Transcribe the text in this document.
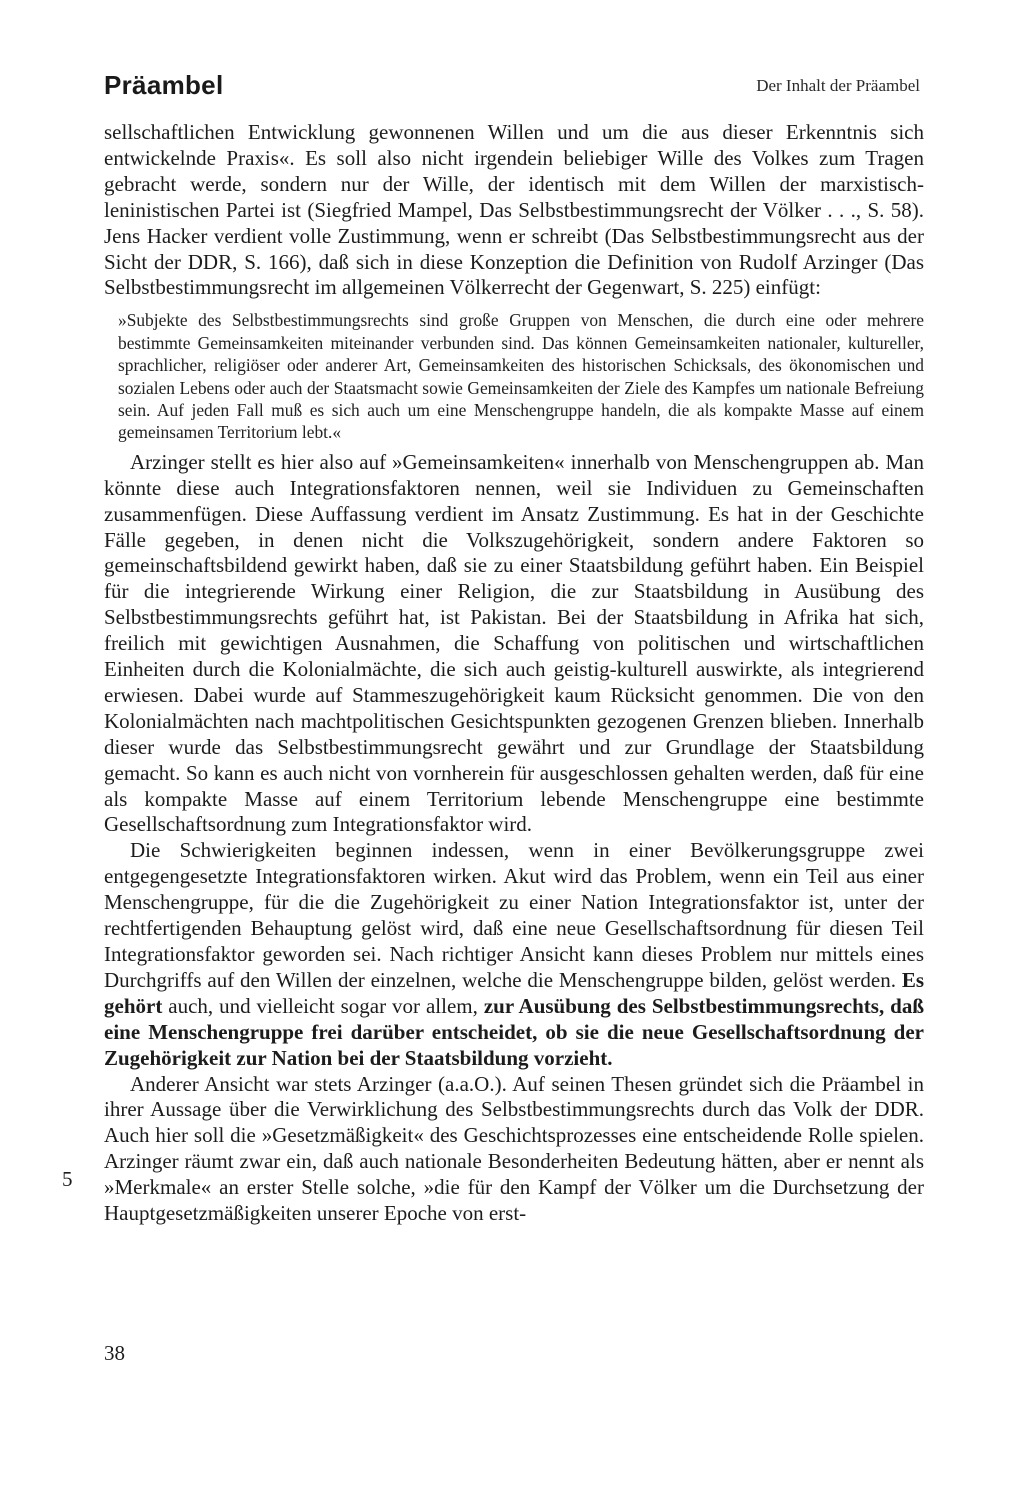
Präambel	Der Inhalt der Präambel

sellschaftlichen Entwicklung gewonnenen Willen und um die aus dieser Erkenntnis sich entwickelnde Praxis«. Es soll also nicht irgendein beliebiger Wille des Volkes zum Tragen gebracht werde, sondern nur der Wille, der identisch mit dem Willen der marxistisch-leninistischen Partei ist (Siegfried Mampel, Das Selbstbestimmungsrecht der Völker . . ., S. 58). Jens Hacker verdient volle Zustimmung, wenn er schreibt (Das Selbstbestimmungsrecht aus der Sicht der DDR, S. 166), daß sich in diese Konzeption die Definition von Rudolf Arzinger (Das Selbstbestimmungsrecht im allgemeinen Völkerrecht der Gegenwart, S. 225) einfügt:

»Subjekte des Selbstbestimmungsrechts sind große Gruppen von Menschen, die durch eine oder mehrere bestimmte Gemeinsamkeiten miteinander verbunden sind. Das können Gemeinsamkeiten nationaler, kultureller, sprachlicher, religiöser oder anderer Art, Gemeinsamkeiten des historischen Schicksals, des ökonomischen und sozialen Lebens oder auch der Staatsmacht sowie Gemeinsamkeiten der Ziele des Kampfes um nationale Befreiung sein. Auf jeden Fall muß es sich auch um eine Menschengruppe handeln, die als kompakte Masse auf einem gemeinsamen Territorium lebt.«

Arzinger stellt es hier also auf »Gemeinsamkeiten« innerhalb von Menschengruppen ab. Man könnte diese auch Integrationsfaktoren nennen, weil sie Individuen zu Gemeinschaften zusammenfügen. Diese Auffassung verdient im Ansatz Zustimmung. Es hat in der Geschichte Fälle gegeben, in denen nicht die Volkszugehörigkeit, sondern andere Faktoren so gemeinschaftsbildend gewirkt haben, daß sie zu einer Staatsbildung geführt haben. Ein Beispiel für die integrierende Wirkung einer Religion, die zur Staatsbildung in Ausübung des Selbstbestimmungsrechts geführt hat, ist Pakistan. Bei der Staatsbildung in Afrika hat sich, freilich mit gewichtigen Ausnahmen, die Schaffung von politischen und wirtschaftlichen Einheiten durch die Kolonialmächte, die sich auch geistig-kulturell auswirkte, als integrierend erwiesen. Dabei wurde auf Stammeszugehörigkeit kaum Rücksicht genommen. Die von den Kolonialmächten nach machtpolitischen Gesichtspunkten gezogenen Grenzen blieben. Innerhalb dieser wurde das Selbstbestimmungsrecht gewährt und zur Grundlage der Staatsbildung gemacht. So kann es auch nicht von vornherein für ausgeschlossen gehalten werden, daß für eine als kompakte Masse auf einem Territorium lebende Menschengruppe eine bestimmte Gesellschaftsordnung zum Integrationsfaktor wird.

Die Schwierigkeiten beginnen indessen, wenn in einer Bevölkerungsgruppe zwei entgegengesetzte Integrationsfaktoren wirken. Akut wird das Problem, wenn ein Teil aus einer Menschengruppe, für die die Zugehörigkeit zu einer Nation Integrationsfaktor ist, unter der rechtfertigenden Behauptung gelöst wird, daß eine neue Gesellschaftsordnung für diesen Teil Integrationsfaktor geworden sei. Nach richtiger Ansicht kann dieses Problem nur mittels eines Durchgriffs auf den Willen der einzelnen, welche die Menschengruppe bilden, gelöst werden. Es gehört auch, und vielleicht sogar vor allem, zur Ausübung des Selbstbestimmungsrechts, daß eine Menschengruppe frei darüber entscheidet, ob sie die neue Gesellschaftsordnung der Zugehörigkeit zur Nation bei der Staatsbildung vorzieht.

Anderer Ansicht war stets Arzinger (a.a.O.). Auf seinen Thesen gründet sich die Präambel in ihrer Aussage über die Verwirklichung des Selbstbestimmungsrechts durch das Volk der DDR. Auch hier soll die »Gesetzmäßigkeit« des Geschichtsprozesses eine entscheidende Rolle spielen. Arzinger räumt zwar ein, daß auch nationale Besonderheiten Bedeutung hätten, aber er nennt als »Merkmale« an erster Stelle solche, »die für den Kampf der Völker um die Durchsetzung der Hauptgesetzmäßigkeiten unserer Epoche von erst-

5
38
